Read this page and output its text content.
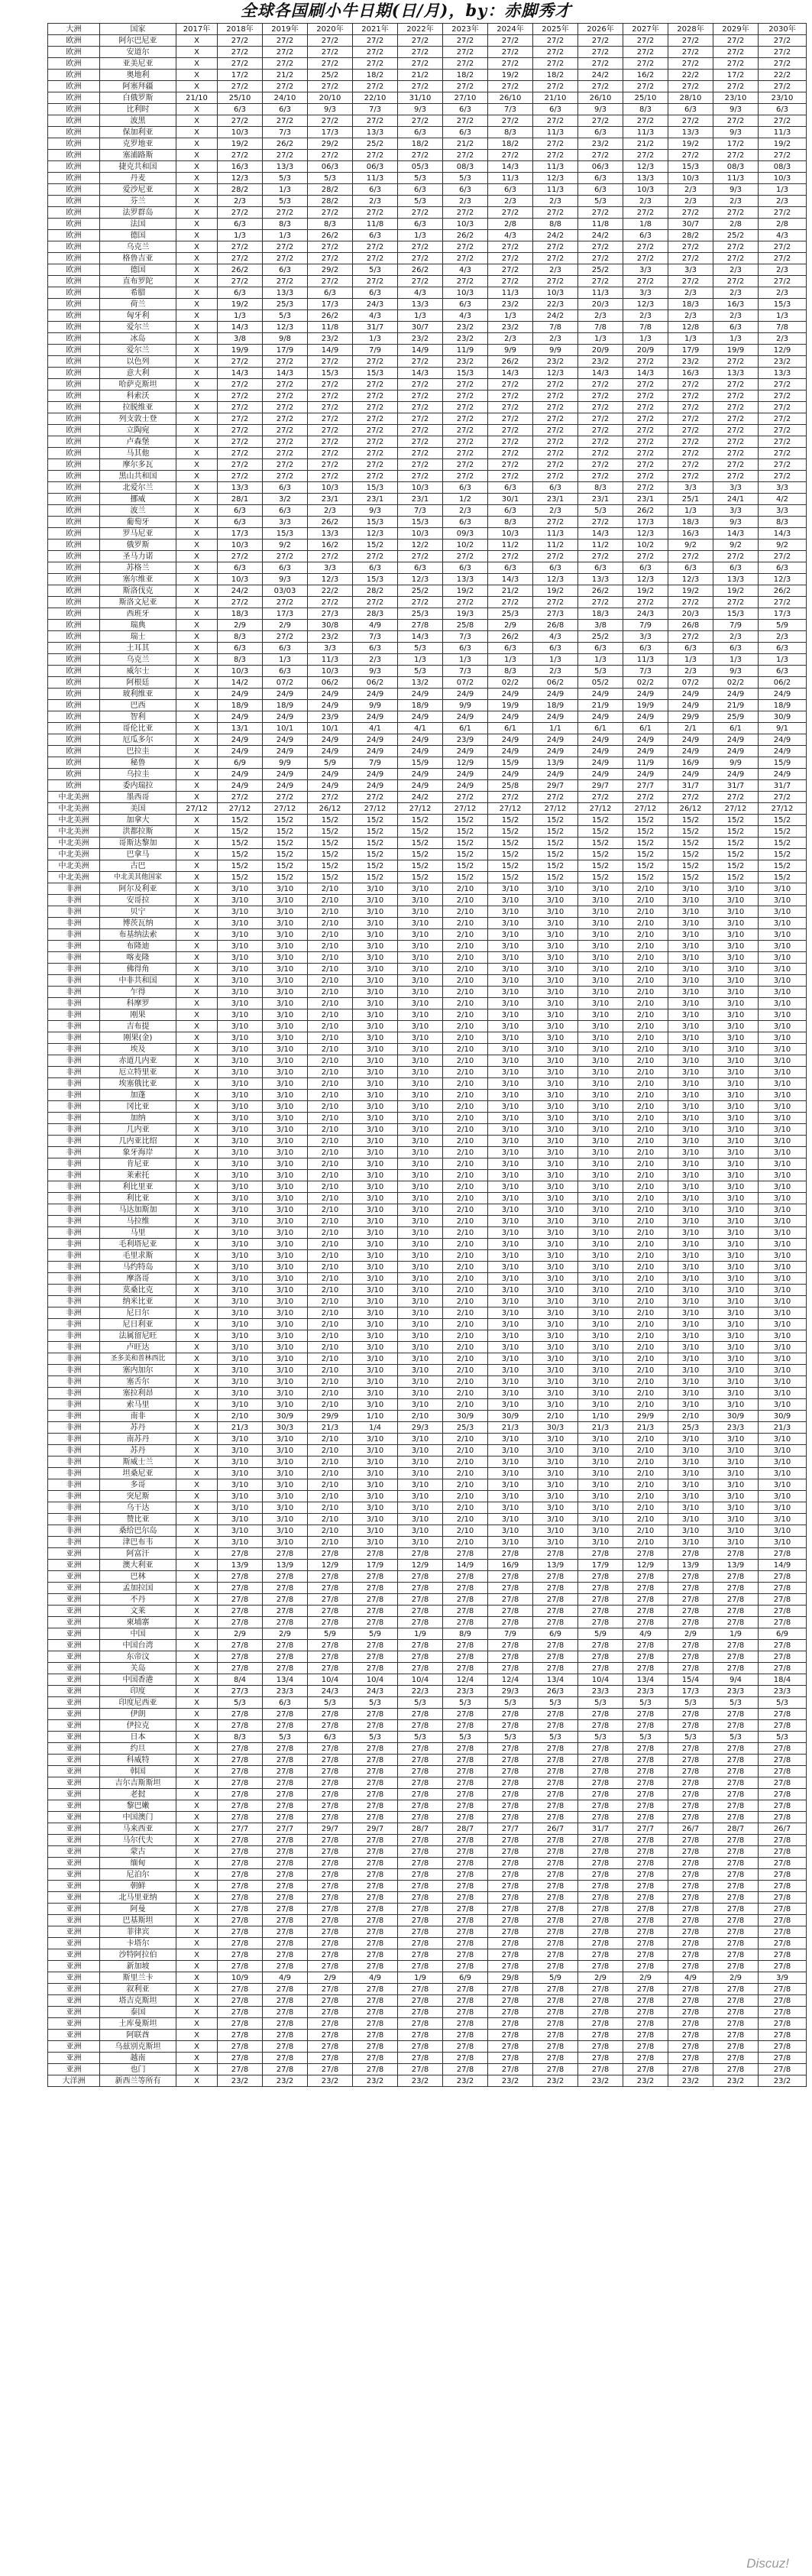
全球各国刷小牛日期(日/月)，by：赤脚秀才
大洲	国家	2017年	2018年	2019年	2020年	2021年	2022年	2023年	2024年	2025年	2026年	2027年	2028年	2029年	2030年
欧洲	阿尔巴尼亚	X	27/2	27/2	27/2	27/2	27/2	27/2	27/2	27/2	27/2	27/2	27/2	27/2	27/2
欧洲	安道尔	X	27/2	27/2	27/2	27/2	27/2	27/2	27/2	27/2	27/2	27/2	27/2	27/2	27/2
欧洲	亚美尼亚	X	27/2	27/2	27/2	27/2	27/2	27/2	27/2	27/2	27/2	27/2	27/2	27/2	27/2
欧洲	奥地利	X	17/2	21/2	25/2	18/2	21/2	18/2	19/2	18/2	24/2	16/2	22/2	17/2	22/2
欧洲	阿塞拜疆	X	27/2	27/2	27/2	27/2	27/2	27/2	27/2	27/2	27/2	27/2	27/2	27/2	27/2
欧洲	白俄罗斯	21/10	25/10	24/10	20/10	22/10	31/10	27/10	26/10	21/10	26/10	25/10	28/10	23/10	23/10
欧洲	比利时	X	6/3	6/3	9/3	7/3	9/3	6/3	7/3	6/3	9/3	8/3	6/3	9/3	6/3
欧洲	波黑	X	27/2	27/2	27/2	27/2	27/2	27/2	27/2	27/2	27/2	27/2	27/2	27/2	27/2
欧洲	保加利亚	X	10/3	7/3	17/3	13/3	6/3	6/3	8/3	11/3	6/3	11/3	13/3	9/3	11/3
欧洲	克罗地亚	X	19/2	26/2	29/2	25/2	18/2	21/2	18/2	27/2	23/2	21/2	19/2	17/2	19/2
欧洲	塞浦路斯	X	27/2	27/2	27/2	27/2	27/2	27/2	27/2	27/2	27/2	27/2	27/2	27/2	27/2
欧洲	捷克共和国	X	16/3	13/3	06/3	06/3	05/3	08/3	14/3	11/3	06/3	12/3	15/3	08/3	08/3
欧洲	丹麦	X	12/3	5/3	5/3	11/3	5/3	5/3	11/3	12/3	6/3	13/3	10/3	11/3	10/3
欧洲	爱沙尼亚	X	28/2	1/3	28/2	6/3	6/3	6/3	6/3	11/3	6/3	10/3	2/3	9/3	1/3
欧洲	芬兰	X	2/3	5/3	28/2	2/3	5/3	2/3	2/3	2/3	5/3	2/3	2/3	2/3	2/3
欧洲	法罗群岛	X	27/2	27/2	27/2	27/2	27/2	27/2	27/2	27/2	27/2	27/2	27/2	27/2	27/2
欧洲	法国	X	6/3	8/3	8/3	11/8	6/3	10/3	2/8	8/8	11/8	1/8	30/7	2/8	2/8
欧洲	德国	X	1/3	1/3	26/2	6/3	1/3	26/2	4/3	24/2	24/2	6/3	28/2	25/2	4/3
欧洲	乌克兰	X	27/2	27/2	27/2	27/2	27/2	27/2	27/2	27/2	27/2	27/2	27/2	27/2	27/2
欧洲	格鲁吉亚	X	27/2	27/2	27/2	27/2	27/2	27/2	27/2	27/2	27/2	27/2	27/2	27/2	27/2
欧洲	德国	X	26/2	6/3	29/2	5/3	26/2	4/3	27/2	2/3	25/2	3/3	3/3	2/3	2/3
欧洲	直布罗陀	X	27/2	27/2	27/2	27/2	27/2	27/2	27/2	27/2	27/2	27/2	27/2	27/2	27/2
欧洲	希腊	X	6/3	13/3	6/3	6/3	4/3	10/3	11/3	10/3	11/3	3/3	2/3	2/3	2/3
欧洲	荷兰	X	19/2	25/3	17/3	24/3	13/3	6/3	23/2	22/3	20/3	12/3	18/3	16/3	15/3
欧洲	匈牙利	X	1/3	5/3	26/2	4/3	1/3	4/3	1/3	24/2	2/3	2/3	2/3	2/3	1/3
欧洲	爱尔兰	X	14/3	12/3	11/8	31/7	30/7	23/2	23/2	7/8	7/8	7/8	12/8	6/3	7/8
欧洲	冰岛	X	3/8	9/8	23/2	1/3	23/2	23/2	2/3	2/3	1/3	1/3	1/3	1/3	2/3
欧洲	爱尔兰	X	19/9	17/9	14/9	7/9	14/9	11/9	9/9	9/9	20/9	20/9	17/9	19/9	12/9
欧洲	以色列	X	27/2	27/2	27/2	27/2	27/2	23/2	26/2	23/2	23/2	27/2	23/2	27/2	23/2
欧洲	意大利	X	14/3	14/3	15/3	15/3	14/3	15/3	14/3	12/3	14/3	14/3	16/3	13/3	13/3
欧洲	哈萨克斯坦	X	27/2	27/2	27/2	27/2	27/2	27/2	27/2	27/2	27/2	27/2	27/2	27/2	27/2
欧洲	科索沃	X	27/2	27/2	27/2	27/2	27/2	27/2	27/2	27/2	27/2	27/2	27/2	27/2	27/2
欧洲	拉脱维亚	X	27/2	27/2	27/2	27/2	27/2	27/2	27/2	27/2	27/2	27/2	27/2	27/2	27/2
欧洲	列支敦士登	X	27/2	27/2	27/2	27/2	27/2	27/2	27/2	27/2	27/2	27/2	27/2	27/2	27/2
欧洲	立陶宛	X	27/2	27/2	27/2	27/2	27/2	27/2	27/2	27/2	27/2	27/2	27/2	27/2	27/2
欧洲	卢森堡	X	27/2	27/2	27/2	27/2	27/2	27/2	27/2	27/2	27/2	27/2	27/2	27/2	27/2
欧洲	马其他	X	27/2	27/2	27/2	27/2	27/2	27/2	27/2	27/2	27/2	27/2	27/2	27/2	27/2
欧洲	摩尔多瓦	X	27/2	27/2	27/2	27/2	27/2	27/2	27/2	27/2	27/2	27/2	27/2	27/2	27/2
欧洲	黑山共和国	X	27/2	27/2	27/2	27/2	27/2	27/2	27/2	27/2	27/2	27/2	27/2	27/2	27/2
欧洲	北爱尔兰	X	13/3	6/3	10/3	15/3	10/3	6/3	6/3	6/3	8/3	27/2	3/3	3/3	3/3
欧洲	挪威	X	28/1	3/2	23/1	23/1	23/1	1/2	30/1	23/1	23/1	23/1	25/1	24/1	4/2
欧洲	波兰	X	6/3	6/3	2/3	9/3	7/3	2/3	6/3	2/3	5/3	26/2	1/3	3/3	3/3
欧洲	葡萄牙	X	6/3	3/3	26/2	15/3	15/3	6/3	8/3	27/2	27/2	17/3	18/3	9/3	8/3
欧洲	罗马尼亚	X	17/3	15/3	13/3	12/3	10/3	09/3	10/3	11/3	14/3	12/3	16/3	14/3	14/3
欧洲	俄罗斯	X	10/3	9/2	16/2	15/2	12/2	10/2	11/2	11/2	11/2	10/2	9/2	9/2	9/2
欧洲	圣马力诺	X	27/2	27/2	27/2	27/2	27/2	27/2	27/2	27/2	27/2	27/2	27/2	27/2	27/2
欧洲	苏格兰	X	6/3	6/3	3/3	6/3	6/3	6/3	6/3	6/3	6/3	6/3	6/3	6/3	6/3
欧洲	塞尔维亚	X	10/3	9/3	12/3	15/3	12/3	13/3	14/3	12/3	13/3	12/3	12/3	13/3	12/3
欧洲	斯洛伐克	X	24/2	03/03	22/2	28/2	25/2	19/2	21/2	19/2	26/2	19/2	19/2	19/2	26/2
欧洲	斯洛文尼亚	X	27/2	27/2	27/2	27/2	27/2	27/2	27/2	27/2	27/2	27/2	27/2	27/2	27/2
欧洲	西班牙	X	18/3	17/3	27/3	28/3	25/3	19/3	25/3	27/3	18/3	24/3	20/3	15/3	17/3
欧洲	瑞典	X	2/9	2/9	30/8	4/9	27/8	25/8	2/9	26/8	3/8	7/9	26/8	7/9	5/9
欧洲	瑞士	X	8/3	27/2	23/2	7/3	14/3	7/3	26/2	4/3	25/2	3/3	27/2	2/3	2/3
欧洲	土耳其	X	6/3	6/3	3/3	6/3	5/3	6/3	6/3	6/3	6/3	6/3	6/3	6/3	6/3
欧洲	乌克兰	X	8/3	1/3	11/3	2/3	1/3	1/3	1/3	1/3	1/3	11/3	1/3	1/3	1/3
欧洲	威尔士	X	10/3	6/3	10/3	9/3	5/3	7/3	8/3	2/3	5/3	7/3	2/3	9/3	6/3
欧洲	阿根廷	X	14/2	07/2	06/2	06/2	13/2	07/2	02/2	06/2	05/2	02/2	07/2	02/2	06/2
欧洲	玻利维亚	X	24/9	24/9	24/9	24/9	24/9	24/9	24/9	24/9	24/9	24/9	24/9	24/9	24/9
欧洲	巴西	X	18/9	18/9	24/9	9/9	18/9	9/9	19/9	18/9	21/9	19/9	24/9	21/9	18/9
欧洲	智利	X	24/9	24/9	23/9	24/9	24/9	24/9	24/9	24/9	24/9	24/9	29/9	25/9	30/9
欧洲	哥伦比亚	X	13/1	10/1	10/1	4/1	4/1	6/1	6/1	1/1	6/1	6/1	2/1	6/1	9/1
欧洲	厄瓜多尔	X	24/9	24/9	24/9	24/9	24/9	23/9	24/9	24/9	24/9	24/9	24/9	24/9	24/9
欧洲	巴拉圭	X	24/9	24/9	24/9	24/9	24/9	24/9	24/9	24/9	24/9	24/9	24/9	24/9	24/9
欧洲	秘鲁	X	6/9	9/9	5/9	7/9	15/9	12/9	15/9	13/9	24/9	11/9	16/9	9/9	15/9
欧洲	乌拉圭	X	24/9	24/9	24/9	24/9	24/9	24/9	24/9	24/9	24/9	24/9	24/9	24/9	24/9
欧洲	委内瑞拉	X	24/9	24/9	24/9	24/9	24/9	24/9	25/8	29/7	29/7	27/7	31/7	31/7	31/7
中北美洲	墨西哥	X	27/2	27/2	27/2	27/2	24/2	27/2	27/2	27/2	27/2	27/2	27/2	27/2	27/2
中北美洲	美国	27/12	27/12	27/12	26/12	27/12	27/12	27/12	27/12	27/12	27/12	27/12	26/12	27/12	27/12
中北美洲	加拿大	X	15/2	15/2	15/2	15/2	15/2	15/2	15/2	15/2	15/2	15/2	15/2	15/2	15/2
中北美洲	洪都拉斯	X	15/2	15/2	15/2	15/2	15/2	15/2	15/2	15/2	15/2	15/2	15/2	15/2	15/2
中北美洲	哥斯达黎加	X	15/2	15/2	15/2	15/2	15/2	15/2	15/2	15/2	15/2	15/2	15/2	15/2	15/2
中北美洲	巴拿马	X	15/2	15/2	15/2	15/2	15/2	15/2	15/2	15/2	15/2	15/2	15/2	15/2	15/2
中北美洲	古巴	X	15/2	15/2	15/2	15/2	15/2	15/2	15/2	15/2	15/2	15/2	15/2	15/2	15/2
中北美洲	中北美其他国家	X	15/2	15/2	15/2	15/2	15/2	15/2	15/2	15/2	15/2	15/2	15/2	15/2	15/2
非洲	阿尔及利亚	X	3/10	3/10	2/10	3/10	3/10	2/10	3/10	3/10	3/10	2/10	3/10	3/10	3/10
非洲	安哥拉	X	3/10	3/10	2/10	3/10	3/10	2/10	3/10	3/10	3/10	2/10	3/10	3/10	3/10
非洲	贝宁	X	3/10	3/10	2/10	3/10	3/10	2/10	3/10	3/10	3/10	2/10	3/10	3/10	3/10
非洲	博茨瓦纳	X	3/10	3/10	2/10	3/10	3/10	2/10	3/10	3/10	3/10	2/10	3/10	3/10	3/10
非洲	布基纳法索	X	3/10	3/10	2/10	3/10	3/10	2/10	3/10	3/10	3/10	2/10	3/10	3/10	3/10
非洲	布隆迪	X	3/10	3/10	2/10	3/10	3/10	2/10	3/10	3/10	3/10	2/10	3/10	3/10	3/10
非洲	喀麦隆	X	3/10	3/10	2/10	3/10	3/10	2/10	3/10	3/10	3/10	2/10	3/10	3/10	3/10
非洲	佛得角	X	3/10	3/10	2/10	3/10	3/10	2/10	3/10	3/10	3/10	2/10	3/10	3/10	3/10
非洲	中非共和国	X	3/10	3/10	2/10	3/10	3/10	2/10	3/10	3/10	3/10	2/10	3/10	3/10	3/10
非洲	乍得	X	3/10	3/10	2/10	3/10	3/10	2/10	3/10	3/10	3/10	2/10	3/10	3/10	3/10
非洲	科摩罗	X	3/10	3/10	2/10	3/10	3/10	2/10	3/10	3/10	3/10	2/10	3/10	3/10	3/10
非洲	刚果	X	3/10	3/10	2/10	3/10	3/10	2/10	3/10	3/10	3/10	2/10	3/10	3/10	3/10
非洲	吉布提	X	3/10	3/10	2/10	3/10	3/10	2/10	3/10	3/10	3/10	2/10	3/10	3/10	3/10
非洲	刚果(金)	X	3/10	3/10	2/10	3/10	3/10	2/10	3/10	3/10	3/10	2/10	3/10	3/10	3/10
非洲	埃及	X	3/10	3/10	2/10	3/10	3/10	2/10	3/10	3/10	3/10	2/10	3/10	3/10	3/10
非洲	赤道几内亚	X	3/10	3/10	2/10	3/10	3/10	2/10	3/10	3/10	3/10	2/10	3/10	3/10	3/10
非洲	厄立特里亚	X	3/10	3/10	2/10	3/10	3/10	2/10	3/10	3/10	3/10	2/10	3/10	3/10	3/10
非洲	埃塞俄比亚	X	3/10	3/10	2/10	3/10	3/10	2/10	3/10	3/10	3/10	2/10	3/10	3/10	3/10
非洲	加蓬	X	3/10	3/10	2/10	3/10	3/10	2/10	3/10	3/10	3/10	2/10	3/10	3/10	3/10
非洲	冈比亚	X	3/10	3/10	2/10	3/10	3/10	2/10	3/10	3/10	3/10	2/10	3/10	3/10	3/10
非洲	加纳	X	3/10	3/10	2/10	3/10	3/10	2/10	3/10	3/10	3/10	2/10	3/10	3/10	3/10
非洲	几内亚	X	3/10	3/10	2/10	3/10	3/10	2/10	3/10	3/10	3/10	2/10	3/10	3/10	3/10
非洲	几内亚比绍	X	3/10	3/10	2/10	3/10	3/10	2/10	3/10	3/10	3/10	2/10	3/10	3/10	3/10
非洲	象牙海岸	X	3/10	3/10	2/10	3/10	3/10	2/10	3/10	3/10	3/10	2/10	3/10	3/10	3/10
非洲	肯尼亚	X	3/10	3/10	2/10	3/10	3/10	2/10	3/10	3/10	3/10	2/10	3/10	3/10	3/10
非洲	莱索托	X	3/10	3/10	2/10	3/10	3/10	2/10	3/10	3/10	3/10	2/10	3/10	3/10	3/10
非洲	利比里亚	X	3/10	3/10	2/10	3/10	3/10	2/10	3/10	3/10	3/10	2/10	3/10	3/10	3/10
非洲	利比亚	X	3/10	3/10	2/10	3/10	3/10	2/10	3/10	3/10	3/10	2/10	3/10	3/10	3/10
非洲	马达加斯加	X	3/10	3/10	2/10	3/10	3/10	2/10	3/10	3/10	3/10	2/10	3/10	3/10	3/10
非洲	马拉维	X	3/10	3/10	2/10	3/10	3/10	2/10	3/10	3/10	3/10	2/10	3/10	3/10	3/10
非洲	马里	X	3/10	3/10	2/10	3/10	3/10	2/10	3/10	3/10	3/10	2/10	3/10	3/10	3/10
非洲	毛利塔尼亚	X	3/10	3/10	2/10	3/10	3/10	2/10	3/10	3/10	3/10	2/10	3/10	3/10	3/10
非洲	毛里求斯	X	3/10	3/10	2/10	3/10	3/10	2/10	3/10	3/10	3/10	2/10	3/10	3/10	3/10
非洲	马约特岛	X	3/10	3/10	2/10	3/10	3/10	2/10	3/10	3/10	3/10	2/10	3/10	3/10	3/10
非洲	摩洛哥	X	3/10	3/10	2/10	3/10	3/10	2/10	3/10	3/10	3/10	2/10	3/10	3/10	3/10
非洲	莫桑比克	X	3/10	3/10	2/10	3/10	3/10	2/10	3/10	3/10	3/10	2/10	3/10	3/10	3/10
非洲	纳米比亚	X	3/10	3/10	2/10	3/10	3/10	2/10	3/10	3/10	3/10	2/10	3/10	3/10	3/10
非洲	尼日尔	X	3/10	3/10	2/10	3/10	3/10	2/10	3/10	3/10	3/10	2/10	3/10	3/10	3/10
非洲	尼日利亚	X	3/10	3/10	2/10	3/10	3/10	2/10	3/10	3/10	3/10	2/10	3/10	3/10	3/10
非洲	法属留尼旺	X	3/10	3/10	2/10	3/10	3/10	2/10	3/10	3/10	3/10	2/10	3/10	3/10	3/10
非洲	卢旺达	X	3/10	3/10	2/10	3/10	3/10	2/10	3/10	3/10	3/10	2/10	3/10	3/10	3/10
非洲	圣多美和普林西比	X	3/10	3/10	2/10	3/10	3/10	2/10	3/10	3/10	3/10	2/10	3/10	3/10	3/10
非洲	塞内加尔	X	3/10	3/10	2/10	3/10	3/10	2/10	3/10	3/10	3/10	2/10	3/10	3/10	3/10
非洲	塞舌尔	X	3/10	3/10	2/10	3/10	3/10	2/10	3/10	3/10	3/10	2/10	3/10	3/10	3/10
非洲	塞拉利昂	X	3/10	3/10	2/10	3/10	3/10	2/10	3/10	3/10	3/10	2/10	3/10	3/10	3/10
非洲	索马里	X	3/10	3/10	2/10	3/10	3/10	2/10	3/10	3/10	3/10	2/10	3/10	3/10	3/10
非洲	南非	X	2/10	30/9	29/9	1/10	2/10	30/9	30/9	2/10	1/10	29/9	2/10	30/9	30/9
非洲	苏丹	X	21/3	30/3	21/3	1/4	29/3	25/3	21/3	30/3	21/3	21/3	25/3	23/3	21/3
非洲	南苏丹	X	3/10	3/10	2/10	3/10	3/10	2/10	3/10	3/10	3/10	2/10	3/10	3/10	3/10
非洲	苏丹	X	3/10	3/10	2/10	3/10	3/10	2/10	3/10	3/10	3/10	2/10	3/10	3/10	3/10
非洲	斯威士兰	X	3/10	3/10	2/10	3/10	3/10	2/10	3/10	3/10	3/10	2/10	3/10	3/10	3/10
非洲	坦桑尼亚	X	3/10	3/10	2/10	3/10	3/10	2/10	3/10	3/10	3/10	2/10	3/10	3/10	3/10
非洲	多哥	X	3/10	3/10	2/10	3/10	3/10	2/10	3/10	3/10	3/10	2/10	3/10	3/10	3/10
非洲	突尼斯	X	3/10	3/10	2/10	3/10	3/10	2/10	3/10	3/10	3/10	2/10	3/10	3/10	3/10
非洲	乌干达	X	3/10	3/10	2/10	3/10	3/10	2/10	3/10	3/10	3/10	2/10	3/10	3/10	3/10
非洲	赞比亚	X	3/10	3/10	2/10	3/10	3/10	2/10	3/10	3/10	3/10	2/10	3/10	3/10	3/10
非洲	桑给巴尔岛	X	3/10	3/10	2/10	3/10	3/10	2/10	3/10	3/10	3/10	2/10	3/10	3/10	3/10
非洲	津巴布韦	X	3/10	3/10	2/10	3/10	3/10	2/10	3/10	3/10	3/10	2/10	3/10	3/10	3/10
亚洲	阿富汗	X	27/8	27/8	27/8	27/8	27/8	27/8	27/8	27/8	27/8	27/8	27/8	27/8	27/8
亚洲	澳大利亚	X	13/9	13/9	12/9	17/9	12/9	14/9	16/9	13/9	17/9	12/9	13/9	13/9	14/9
亚洲	巴林	X	27/8	27/8	27/8	27/8	27/8	27/8	27/8	27/8	27/8	27/8	27/8	27/8	27/8
亚洲	孟加拉国	X	27/8	27/8	27/8	27/8	27/8	27/8	27/8	27/8	27/8	27/8	27/8	27/8	27/8
亚洲	不丹	X	27/8	27/8	27/8	27/8	27/8	27/8	27/8	27/8	27/8	27/8	27/8	27/8	27/8
亚洲	文莱	X	27/8	27/8	27/8	27/8	27/8	27/8	27/8	27/8	27/8	27/8	27/8	27/8	27/8
亚洲	柬埔寨	X	27/8	27/8	27/8	27/8	27/8	27/8	27/8	27/8	27/8	27/8	27/8	27/8	27/8
亚洲	中国	X	2/9	2/9	5/9	5/9	1/9	8/9	7/9	6/9	5/9	4/9	2/9	1/9	6/9
亚洲	中国台湾	X	27/8	27/8	27/8	27/8	27/8	27/8	27/8	27/8	27/8	27/8	27/8	27/8	27/8
亚洲	东帝汶	X	27/8	27/8	27/8	27/8	27/8	27/8	27/8	27/8	27/8	27/8	27/8	27/8	27/8
亚洲	关岛	X	27/8	27/8	27/8	27/8	27/8	27/8	27/8	27/8	27/8	27/8	27/8	27/8	27/8
亚洲	中国香港	X	8/4	13/4	10/4	10/4	10/4	12/4	12/4	13/4	10/4	13/4	15/4	9/4	18/4
亚洲	印度	X	27/3	23/3	24/3	24/3	22/3	23/3	29/3	26/3	23/3	23/3	17/3	23/3	23/3
亚洲	印度尼西亚	X	5/3	6/3	5/3	5/3	5/3	5/3	5/3	5/3	5/3	5/3	5/3	5/3	5/3
亚洲	伊朗	X	27/8	27/8	27/8	27/8	27/8	27/8	27/8	27/8	27/8	27/8	27/8	27/8	27/8
亚洲	伊拉克	X	27/8	27/8	27/8	27/8	27/8	27/8	27/8	27/8	27/8	27/8	27/8	27/8	27/8
亚洲	日本	X	8/3	5/3	6/3	5/3	5/3	5/3	5/3	5/3	5/3	5/3	5/3	5/3	5/3
亚洲	约旦	X	27/8	27/8	27/8	27/8	27/8	27/8	27/8	27/8	27/8	27/8	27/8	27/8	27/8
亚洲	科威特	X	27/8	27/8	27/8	27/8	27/8	27/8	27/8	27/8	27/8	27/8	27/8	27/8	27/8
亚洲	韩国	X	27/8	27/8	27/8	27/8	27/8	27/8	27/8	27/8	27/8	27/8	27/8	27/8	27/8
亚洲	吉尔吉斯斯坦	X	27/8	27/8	27/8	27/8	27/8	27/8	27/8	27/8	27/8	27/8	27/8	27/8	27/8
亚洲	老挝	X	27/8	27/8	27/8	27/8	27/8	27/8	27/8	27/8	27/8	27/8	27/8	27/8	27/8
亚洲	黎巴嫩	X	27/8	27/8	27/8	27/8	27/8	27/8	27/8	27/8	27/8	27/8	27/8	27/8	27/8
亚洲	中国澳门	X	27/8	27/8	27/8	27/8	27/8	27/8	27/8	27/8	27/8	27/8	27/8	27/8	27/8
亚洲	马来西亚	X	27/7	27/7	29/7	29/7	28/7	28/7	27/7	26/7	31/7	27/7	26/7	28/7	26/7
亚洲	马尔代夫	X	27/8	27/8	27/8	27/8	27/8	27/8	27/8	27/8	27/8	27/8	27/8	27/8	27/8
亚洲	蒙古	X	27/8	27/8	27/8	27/8	27/8	27/8	27/8	27/8	27/8	27/8	27/8	27/8	27/8
亚洲	缅甸	X	27/8	27/8	27/8	27/8	27/8	27/8	27/8	27/8	27/8	27/8	27/8	27/8	27/8
亚洲	尼泊尔	X	27/8	27/8	27/8	27/8	27/8	27/8	27/8	27/8	27/8	27/8	27/8	27/8	27/8
亚洲	朝鲜	X	27/8	27/8	27/8	27/8	27/8	27/8	27/8	27/8	27/8	27/8	27/8	27/8	27/8
亚洲	北马里亚纳	X	27/8	27/8	27/8	27/8	27/8	27/8	27/8	27/8	27/8	27/8	27/8	27/8	27/8
亚洲	阿曼	X	27/8	27/8	27/8	27/8	27/8	27/8	27/8	27/8	27/8	27/8	27/8	27/8	27/8
亚洲	巴基斯坦	X	27/8	27/8	27/8	27/8	27/8	27/8	27/8	27/8	27/8	27/8	27/8	27/8	27/8
亚洲	菲律宾	X	27/8	27/8	27/8	27/8	27/8	27/8	27/8	27/8	27/8	27/8	27/8	27/8	27/8
亚洲	卡塔尔	X	27/8	27/8	27/8	27/8	27/8	27/8	27/8	27/8	27/8	27/8	27/8	27/8	27/8
亚洲	沙特阿拉伯	X	27/8	27/8	27/8	27/8	27/8	27/8	27/8	27/8	27/8	27/8	27/8	27/8	27/8
亚洲	新加坡	X	27/8	27/8	27/8	27/8	27/8	27/8	27/8	27/8	27/8	27/8	27/8	27/8	27/8
亚洲	斯里兰卡	X	10/9	4/9	2/9	4/9	1/9	6/9	29/8	5/9	2/9	2/9	4/9	2/9	3/9
亚洲	叙利亚	X	27/8	27/8	27/8	27/8	27/8	27/8	27/8	27/8	27/8	27/8	27/8	27/8	27/8
亚洲	塔吉克斯坦	X	27/8	27/8	27/8	27/8	27/8	27/8	27/8	27/8	27/8	27/8	27/8	27/8	27/8
亚洲	泰国	X	27/8	27/8	27/8	27/8	27/8	27/8	27/8	27/8	27/8	27/8	27/8	27/8	27/8
亚洲	土库曼斯坦	X	27/8	27/8	27/8	27/8	27/8	27/8	27/8	27/8	27/8	27/8	27/8	27/8	27/8
亚洲	阿联酋	X	27/8	27/8	27/8	27/8	27/8	27/8	27/8	27/8	27/8	27/8	27/8	27/8	27/8
亚洲	乌兹别克斯坦	X	27/8	27/8	27/8	27/8	27/8	27/8	27/8	27/8	27/8	27/8	27/8	27/8	27/8
亚洲	越南	X	27/8	27/8	27/8	27/8	27/8	27/8	27/8	27/8	27/8	27/8	27/8	27/8	27/8
亚洲	也门	X	27/8	27/8	27/8	27/8	27/8	27/8	27/8	27/8	27/8	27/8	27/8	27/8	27/8
大洋洲	新西兰等所有	X	23/2	23/2	23/2	23/2	23/2	23/2	23/2	23/2	23/2	23/2	23/2	23/2	23/2
Discuz!
